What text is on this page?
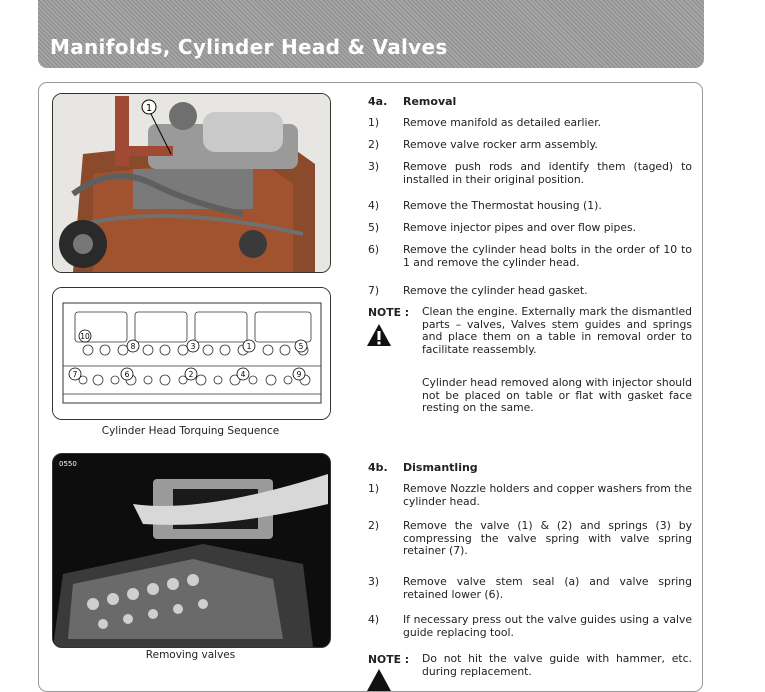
Manifolds, Cylinder Head & Valves
1
10
8	3	1	5
7	6	2	4	9
Cylinder Head Torquing Sequence
0550
Removing valves
4a. Removal
1)	Remove manifold as detailed earlier.
2)	Remove valve rocker arm assembly.
3)	Remove push rods and identify them (taged) to installed in their original position.
4)	Remove the Thermostat housing (1).
5)	Remove injector pipes and over flow pipes.
6)	Remove the cylinder head bolts in the order of 10 to 1 and remove the cylinder head.
7)	Remove the cylinder head gasket.
NOTE : Clean the engine. Externally mark the dismantled parts – valves, Valves stem guides and springs and place them on a table in removal order to facilitate reassembly.
Cylinder head removed along with injector should not be placed on table or flat with gasket face resting on the same.
4b. Dismantling
1)	Remove Nozzle holders and copper washers from the cylinder head.
2)	Remove the valve (1) & (2) and springs (3) by compressing the valve spring with valve spring retainer (7).
3)	Remove valve stem seal (a) and valve spring retained lower (6).
4)	If necessary press out the valve guides using a valve guide replacing tool.
NOTE : Do not hit the valve guide with hammer, etc. during replacement.
